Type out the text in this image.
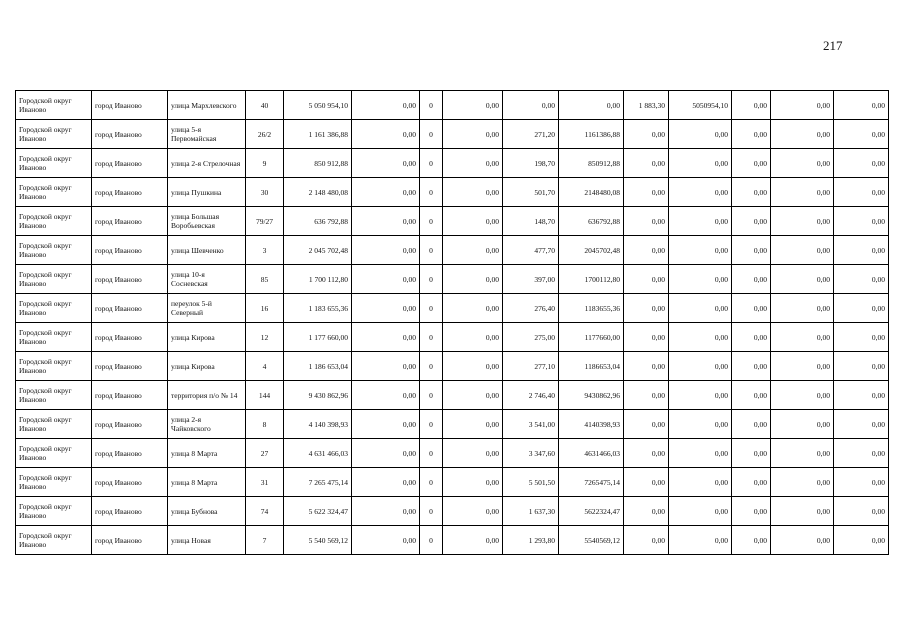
217
Городской округ Иваново	город Иваново	улица Мархлевского	40	5 050 954,10	0,00	0	0,00	0,00	0,00	1 883,30	5050954,10	0,00	0,00	0,00
Городской округ Иваново	город Иваново	улица 5-я Первомайская	26/2	1 161 386,88	0,00	0	0,00	271,20	1161386,88	0,00	0,00	0,00	0,00	0,00
Городской округ Иваново	город Иваново	улица 2-я Стрелочная	9	850 912,88	0,00	0	0,00	198,70	850912,88	0,00	0,00	0,00	0,00	0,00
Городской округ Иваново	город Иваново	улица Пушкина	30	2 148 480,08	0,00	0	0,00	501,70	2148480,08	0,00	0,00	0,00	0,00	0,00
Городской округ Иваново	город Иваново	улица Большая Воробьевская	79/27	636 792,88	0,00	0	0,00	148,70	636792,88	0,00	0,00	0,00	0,00	0,00
Городской округ Иваново	город Иваново	улица Шевченко	3	2 045 702,48	0,00	0	0,00	477,70	2045702,48	0,00	0,00	0,00	0,00	0,00
Городской округ Иваново	город Иваново	улица 10-я Сосневская	85	1 700 112,80	0,00	0	0,00	397,00	1700112,80	0,00	0,00	0,00	0,00	0,00
Городской округ Иваново	город Иваново	переулок 5-й Северный	16	1 183 655,36	0,00	0	0,00	276,40	1183655,36	0,00	0,00	0,00	0,00	0,00
Городской округ Иваново	город Иваново	улица Кирова	12	1 177 660,00	0,00	0	0,00	275,00	1177660,00	0,00	0,00	0,00	0,00	0,00
Городской округ Иваново	город Иваново	улица Кирова	4	1 186 653,04	0,00	0	0,00	277,10	1186653,04	0,00	0,00	0,00	0,00	0,00
Городской округ Иваново	город Иваново	территория п/о № 14	144	9 430 862,96	0,00	0	0,00	2 746,40	9430862,96	0,00	0,00	0,00	0,00	0,00
Городской округ Иваново	город Иваново	улица 2-я Чайковского	8	4 140 398,93	0,00	0	0,00	3 541,00	4140398,93	0,00	0,00	0,00	0,00	0,00
Городской округ Иваново	город Иваново	улица 8 Марта	27	4 631 466,03	0,00	0	0,00	3 347,60	4631466,03	0,00	0,00	0,00	0,00	0,00
Городской округ Иваново	город Иваново	улица 8 Марта	31	7 265 475,14	0,00	0	0,00	5 501,50	7265475,14	0,00	0,00	0,00	0,00	0,00
Городской округ Иваново	город Иваново	улица Бубнова	74	5 622 324,47	0,00	0	0,00	1 637,30	5622324,47	0,00	0,00	0,00	0,00	0,00
Городской округ Иваново	город Иваново	улица Новая	7	5 540 569,12	0,00	0	0,00	1 293,80	5540569,12	0,00	0,00	0,00	0,00	0,00
